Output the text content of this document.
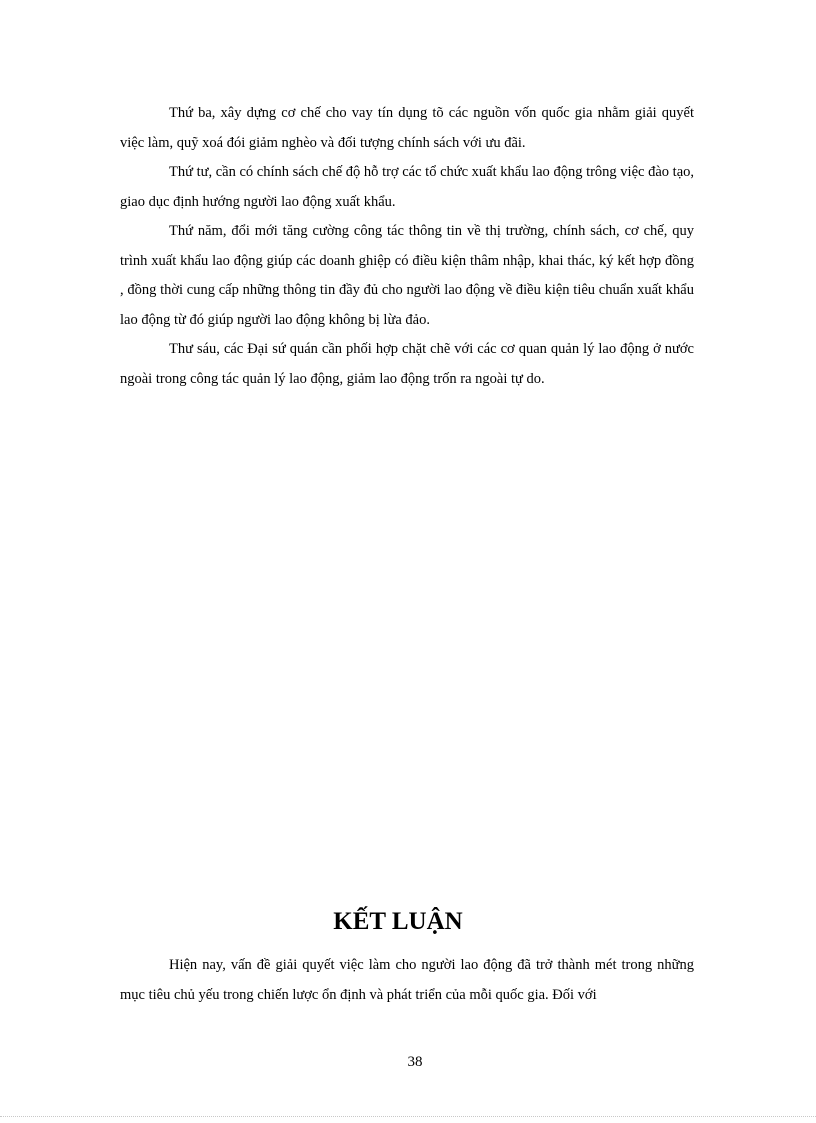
Thứ ba, xây dựng cơ chế cho vay tín dụng tõ các nguồn vốn quốc gia nhằm giải quyết việc làm, quỹ xoá đói giảm nghèo và đối tượng chính sách với ưu đãi.

Thứ tư, cần có chính sách chế độ hỗ trợ các tổ chức xuất khẩu lao động trông việc đào tạo, giao dục định hướng người lao động xuất khẩu.

Thứ năm, đổi mới tăng cường công tác thông tin về thị trường, chính sách, cơ chế, quy trình xuất khẩu lao động giúp các doanh ghiệp có điều kiện thâm nhập, khai thác, ký kết hợp đồng , đồng thời cung cấp những thông tin đầy đủ cho người lao động về điều kiện tiêu chuẩn xuất khẩu lao động từ đó giúp người lao động không bị lừa đảo.

Thư sáu, các Đại sứ quán cần phối hợp chặt chẽ với các cơ quan quản lý lao động ở nước ngoài trong công tác quản lý lao động, giảm lao động trốn ra ngoài tự do.

KẾT LUẬN

Hiện nay, vấn đề giải quyết việc làm cho người lao động đã trở thành mét trong những mục tiêu chủ yếu trong chiến lược ổn định và phát triển của mỗi quốc gia. Đối với

38
